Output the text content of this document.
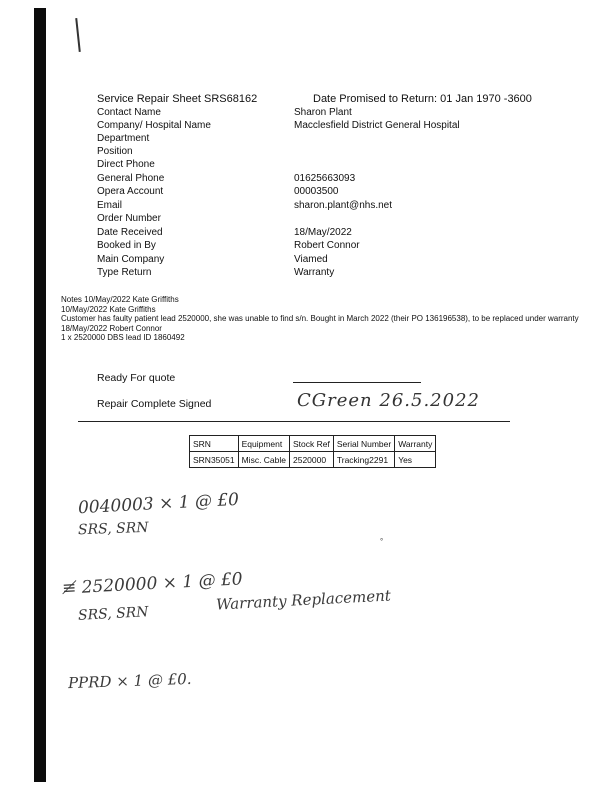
Service Repair Sheet SRS68162	Date Promised to Return: 01 Jan 1970 -3600
Contact Name	Sharon Plant
Company/ Hospital Name	Macclesfield District General Hospital
Department
Position
Direct Phone
General Phone	01625663093
Opera Account	00003500
Email	sharon.plant@nhs.net
Order Number
Date Received	18/May/2022
Booked in By	Robert Connor
Main Company	Viamed
Type Return	Warranty
Notes 10/May/2022 Kate Griffiths
10/May/2022 Kate Griffiths
Customer has faulty patient lead 2520000, she was unable to find s/n. Bought in March 2022 (their PO 136196538), to be replaced under warranty
18/May/2022 Robert Connor
1 x 2520000 DBS lead ID 1860492
Ready For quote
Repair Complete Signed	CGreen 26.5.2022
SRN	Equipment	Stock Ref	Serial Number	Warranty
SRN35051	Misc. Cable	2520000	Tracking2291	Yes
0040003 × 1 @ £0
SRS, SRN
°
≢ 2520000 × 1 @ £0
SRS, SRN
Warranty Replacement
PPRD × 1 @ £0.
